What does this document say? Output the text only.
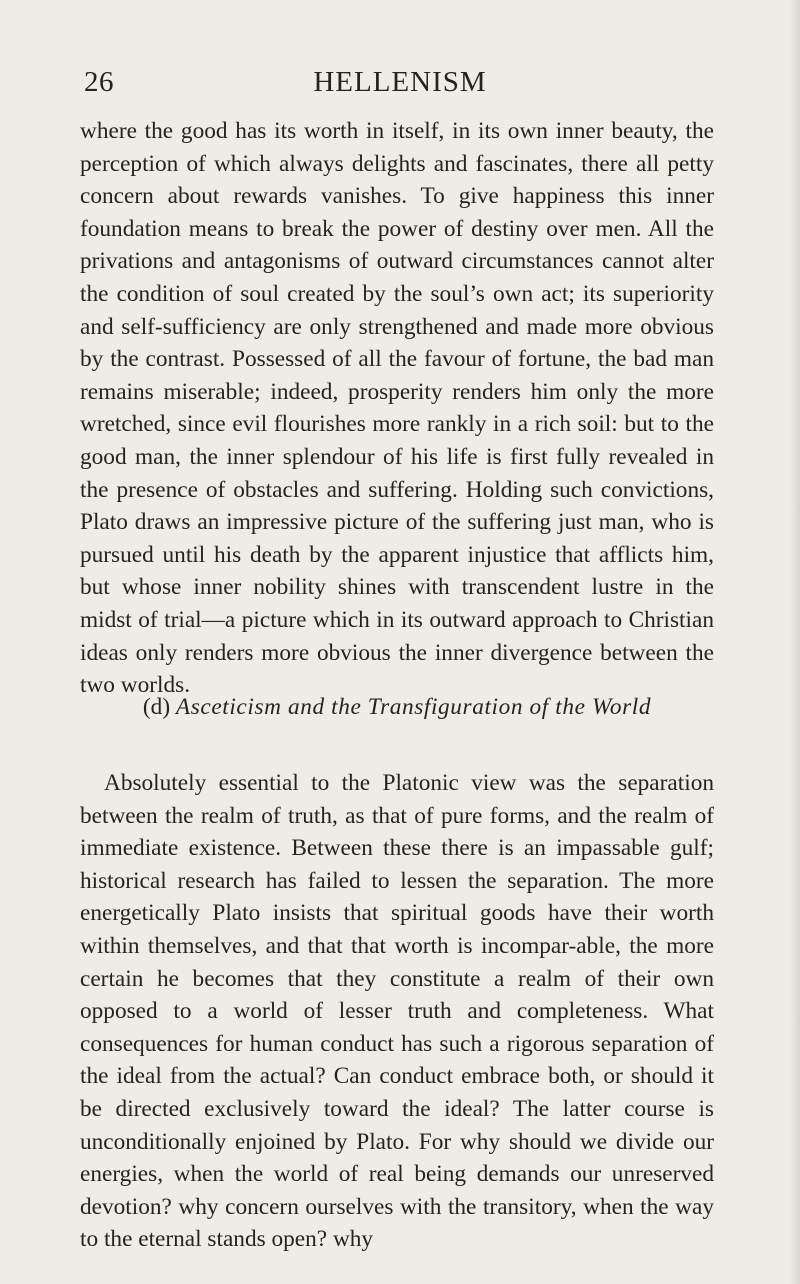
26	HELLENISM

where the good has its worth in itself, in its own inner beauty, the perception of which always delights and fascinates, there all petty concern about rewards vanishes. To give happiness this inner foundation means to break the power of destiny over men. All the privations and antagonisms of outward circumstances cannot alter the condition of soul created by the soul’s own act; its superiority and self-sufficiency are only strengthened and made more obvious by the contrast. Possessed of all the favour of fortune, the bad man remains miserable; indeed, prosperity renders him only the more wretched, since evil flourishes more rankly in a rich soil: but to the good man, the inner splendour of his life is first fully revealed in the presence of obstacles and suffering. Holding such convictions, Plato draws an impressive picture of the suffering just man, who is pursued until his death by the apparent injustice that afflicts him, but whose inner nobility shines with transcendent lustre in the midst of trial—a picture which in its outward approach to Christian ideas only renders more obvious the inner divergence between the two worlds.

(d) Asceticism and the Transfiguration of the World

Absolutely essential to the Platonic view was the separation between the realm of truth, as that of pure forms, and the realm of immediate existence. Between these there is an impassable gulf; historical research has failed to lessen the separation. The more energetically Plato insists that spiritual goods have their worth within themselves, and that that worth is incompar-able, the more certain he becomes that they constitute a realm of their own opposed to a world of lesser truth and completeness. What consequences for human conduct has such a rigorous separation of the ideal from the actual? Can conduct embrace both, or should it be directed exclusively toward the ideal? The latter course is unconditionally enjoined by Plato. For why should we divide our energies, when the world of real being demands our unreserved devotion? why concern ourselves with the transitory, when the way to the eternal stands open? why
